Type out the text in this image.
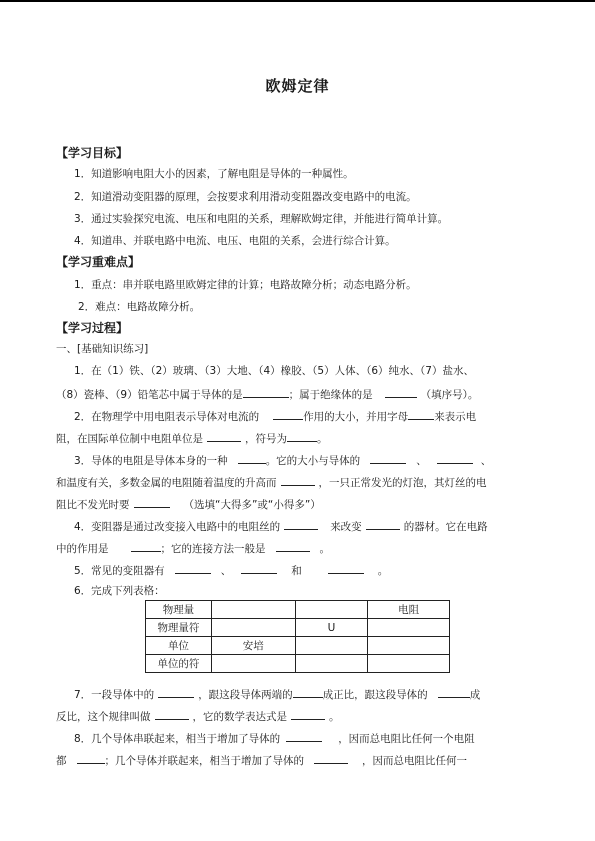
欧姆定律
【学习目标】
1．知道影响电阻大小的因素，了解电阻是导体的一种属性。
2．知道滑动变阻器的原理，会按要求利用滑动变阻器改变电路中的电流。
3．通过实验探究电流、电压和电阻的关系，理解欧姆定律，并能进行简单计算。
4．知道串、并联电路中电流、电压、电阻的关系，会进行综合计算。
【学习重难点】
1．重点：串并联电路里欧姆定律的计算；电路故障分析；动态电路分析。
2．难点：电路故障分析。
【学习过程】
一、[基础知识练习]
1．在（1）铁、（2）玻璃、（3）大地、（4）橡胶、（5）人体、（6）纯水、（7）盐水、
（8）瓷棒、（9）铅笔芯中属于导体的是	；属于绝缘体的是	（填序号）。
2．在物理学中用电阻表示导体对电流的	作用的大小，并用字母 来表示电
阻，在国际单位制中电阻单位是	，符号为	。
3．导体的电阻是导体本身的一种	。它的大小与导体的	、	、
和温度有关，多数金属的电阻随着温度的升高而	，一只正常发光的灯泡，其灯丝的电
阻比不发光时要	（选填“大得多”或“小得多”）
4．变阻器是通过改变接入电路中的电阻丝的	来改变	的器材。它在电路
中的作用是	；它的连接方法一般是	。
5．常见的变阻器有	、	和	。
6．完成下列表格：
物理量			电阻
物理量符		U	
单位	安培		
单位的符			
7．一段导体中的	，跟这段导体两端的	成正比，跟这段导体的	成
反比，这个规律叫做	，它的数学表达式是	。
8．几个导体串联起来，相当于增加了导体的	，因而总电阻比任何一个电阻
都	；几个导体并联起来，相当于增加了导体的	，因而总电阻比任何一
